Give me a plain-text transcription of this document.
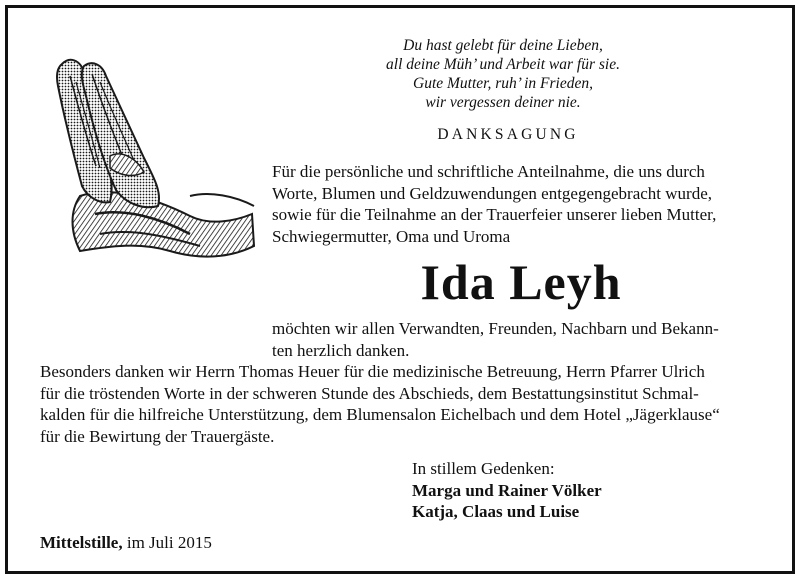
Du hast gelebt für deine Lieben,
all deine Müh’ und Arbeit war für sie.
Gute Mutter, ruh’ in Frieden,
wir vergessen deiner nie.
DANKSAGUNG
Für die persönliche und schriftliche Anteilnahme, die uns durch
Worte, Blumen und Geldzuwendungen entgegengebracht wurde,
sowie für die Teilnahme an der Trauerfeier unserer lieben Mutter,
Schwiegermutter, Oma und Uroma
Ida Leyh
möchten wir allen Verwandten, Freunden, Nachbarn und Bekann-
ten herzlich danken.
Besonders danken wir Herrn Thomas Heuer für die medizinische Betreuung, Herrn Pfarrer Ulrich
für die tröstenden Worte in der schweren Stunde des Abschieds, dem Bestattungsinstitut Schmal-
kalden für die hilfreiche Unterstützung, dem Blumensalon Eichelbach und dem Hotel „Jägerklause“
für die Bewirtung der Trauergäste.
In stillem Gedenken:
Marga und Rainer Völker
Katja, Claas und Luise
Mittelstille, im Juli 2015
